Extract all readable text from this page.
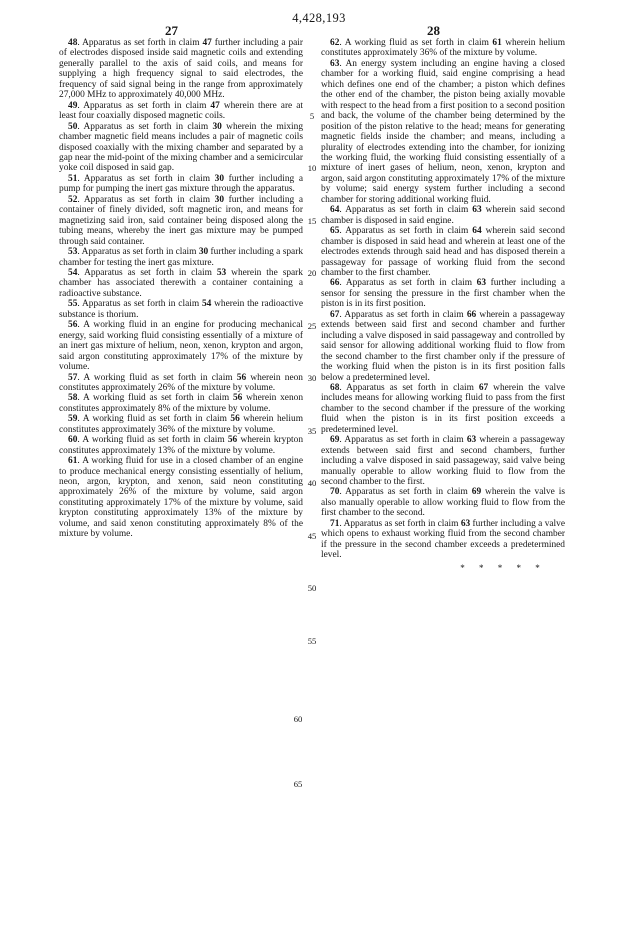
4,428,193
27	28

48. Apparatus as set forth in claim 47 further including a pair of electrodes disposed inside said magnetic coils and extending generally parallel to the axis of said coils, and means for supplying a high frequency signal to said electrodes, the frequency of said signal being in the range from approximately 27,000 MHz to approximately 40,000 MHz.

49. Apparatus as set forth in claim 47 wherein there are at least four coaxially disposed magnetic coils.

50. Apparatus as set forth in claim 30 wherein the mixing chamber magnetic field means includes a pair of magnetic coils disposed coaxially with the mixing chamber and separated by a gap near the mid-point of the mixing chamber and a semicircular yoke coil disposed in said gap.

51. Apparatus as set forth in claim 30 further including a pump for pumping the inert gas mixture through the apparatus.

52. Apparatus as set forth in claim 30 further including a container of finely divided, soft magnetic iron, and means for magnetizing said iron, said container being disposed along the tubing means, whereby the inert gas mixture may be pumped through said container.

53. Apparatus as set forth in claim 30 further including a spark chamber for testing the inert gas mixture.

54. Apparatus as set forth in claim 53 wherein the spark chamber has associated therewith a container containing a radioactive substance.

55. Apparatus as set forth in claim 54 wherein the radioactive substance is thorium.

56. A working fluid in an engine for producing mechanical energy, said working fluid consisting essentially of a mixture of an inert gas mixture of helium, neon, xenon, krypton and argon, said argon constituting approximately 17% of the mixture by volume.

57. A working fluid as set forth in claim 56 wherein neon constitutes approximately 26% of the mixture by volume.

58. A working fluid as set forth in claim 56 wherein xenon constitutes approximately 8% of the mixture by volume.

59. A working fluid as set forth in claim 56 wherein helium constitutes approximately 36% of the mixture by volume.

60. A working fluid as set forth in claim 56 wherein krypton constitutes approximately 13% of the mixture by volume.

61. A working fluid for use in a closed chamber of an engine to produce mechanical energy consisting essentially of helium, neon, argon, krypton, and xenon, said neon constituting approximately 26% of the mixture by volume, said argon constituting approximately 17% of the mixture by volume, said krypton constituting approximately 13% of the mixture by volume, and said xenon constituting approximately 8% of the mixture by volume.

62. A working fluid as set forth in claim 61 wherein helium constitutes approximately 36% of the mixture by volume.

63. An energy system including an engine having a closed chamber for a working fluid, said engine comprising a head which defines one end of the chamber; a piston which defines the other end of the chamber, the piston being axially movable with respect to the head from a first position to a second position and back, the volume of the chamber being determined by the position of the piston relative to the head; means for generating magnetic fields inside the chamber; and means, including a plurality of electrodes extending into the chamber, for ionizing the working fluid, the working fluid consisting essentially of a mixture of inert gases of helium, neon, xenon, krypton and argon, said argon constituting approximately 17% of the mixture by volume; said energy system further including a second chamber for storing additional working fluid.

64. Apparatus as set forth in claim 63 wherein said second chamber is disposed in said engine.

65. Apparatus as set forth in claim 64 wherein said second chamber is disposed in said head and wherein at least one of the electrodes extends through said head and has disposed therein a passageway for passage of working fluid from the second chamber to the first chamber.

66. Apparatus as set forth in claim 63 further including a sensor for sensing the pressure in the first chamber when the piston is in its first position.

67. Apparatus as set forth in claim 66 wherein a passageway extends between said first and second chamber and further including a valve disposed in said passageway and controlled by said sensor for allowing additional working fluid to flow from the second chamber to the first chamber only if the pressure of the working fluid when the piston is in its first position falls below a predetermined level.

68. Apparatus as set forth in claim 67 wherein the valve includes means for allowing working fluid to pass from the first chamber to the second chamber if the pressure of the working fluid when the piston is in its first position exceeds a predetermined level.

69. Apparatus as set forth in claim 63 wherein a passageway extends between said first and second chambers, further including a valve disposed in said passageway, said valve being manually operable to allow working fluid to flow from the second chamber to the first.

70. Apparatus as set forth in claim 69 wherein the valve is also manually operable to allow working fluid to flow from the first chamber to the second.

71. Apparatus as set forth in claim 63 further including a valve which opens to exhaust working fluid from the second chamber if the pressure in the second chamber exceeds a predetermined level.

* * * * *
5
10
15
20
25
30
35
40
45
50
55
60
65
